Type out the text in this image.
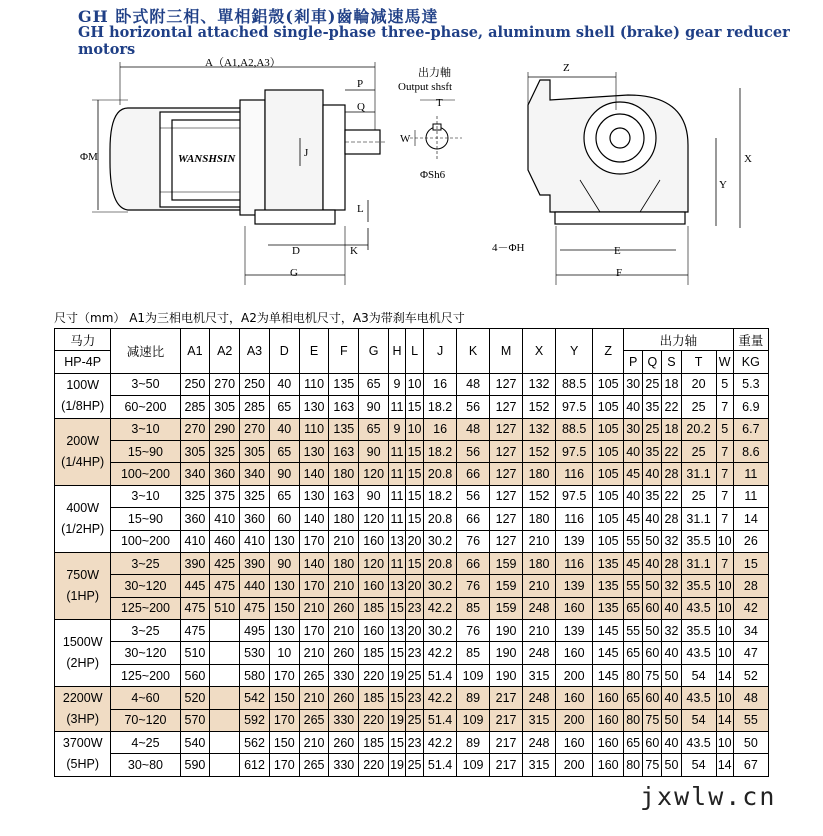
GH 卧式附三相、單相鋁殼(剎車)齒輪減速馬達
GH horizontal attached single-phase three-phase, aluminum shell (brake) gear reducer motors
WANSHSIN
A（A1,A2,A3）
P
Q
J
ΦM
L
D	K
G
出力軸
Output shsft
T
W
ΦSh6
Z
X
Y
4－ΦH	E
F
尺寸（mm） A1为三相电机尺寸，A2为单相电机尺寸，A3为带刹车电机尺寸
马力	减速比	A1	A2	A3	D	E	F	G	H	L	J	K	M	X	Y	Z	出力轴					重量
HP-4P																	P	Q	S	T	W	KG

100W
(1/8HP)	3~50	250	270	250	40	110	135	65	9	10	16	48	127	132	88.5	105	30	25	18	20	5	5.3
	60~200	285	305	285	65	130	163	90	11	15	18.2	56	127	152	97.5	105	40	35	22	25	7	6.9

200W
(1/4HP)	3~10	270	290	270	40	110	135	65	9	10	16	48	127	132	88.5	105	30	25	18	20.2	5	6.7
	15~90	305	325	305	65	130	163	90	11	15	18.2	56	127	152	97.5	105	40	35	22	25	7	8.6
	100~200	340	360	340	90	140	180	120	11	15	20.8	66	127	180	116	105	45	40	28	31.1	7	11

400W
(1/2HP)	3~10	325	375	325	65	130	163	90	11	15	18.2	56	127	152	97.5	105	40	35	22	25	7	11
	15~90	360	410	360	60	140	180	120	11	15	20.8	66	127	180	116	105	45	40	28	31.1	7	14
	100~200	410	460	410	130	170	210	160	13	20	30.2	76	127	210	139	105	55	50	32	35.5	10	26

750W
(1HP)	3~25	390	425	390	90	140	180	120	11	15	20.8	66	159	180	116	135	45	40	28	31.1	7	15
	30~120	445	475	440	130	170	210	160	13	20	30.2	76	159	210	139	135	55	50	32	35.5	10	28
	125~200	475	510	475	150	210	260	185	15	23	42.2	85	159	248	160	135	65	60	40	43.5	10	42

1500W
(2HP)	3~25	475		495	130	170	210	160	13	20	30.2	76	190	210	139	145	55	50	32	35.5	10	34
	30~120	510		530	10	210	260	185	15	23	42.2	85	190	248	160	145	65	60	40	43.5	10	47
	125~200	560		580	170	265	330	220	19	25	51.4	109	190	315	200	145	80	75	50	54	14	52

2200W
(3HP)	4~60	520		542	150	210	260	185	15	23	42.2	89	217	248	160	160	65	60	40	43.5	10	48
	70~120	570		592	170	265	330	220	19	25	51.4	109	217	315	200	160	80	75	50	54	14	55

3700W
(5HP)	4~25	540		562	150	210	260	185	15	23	42.2	89	217	248	160	160	65	60	40	43.5	10	50
	30~80	590		612	170	265	330	220	19	25	51.4	109	217	315	200	160	80	75	50	54	14	67
jxwlw.cn
